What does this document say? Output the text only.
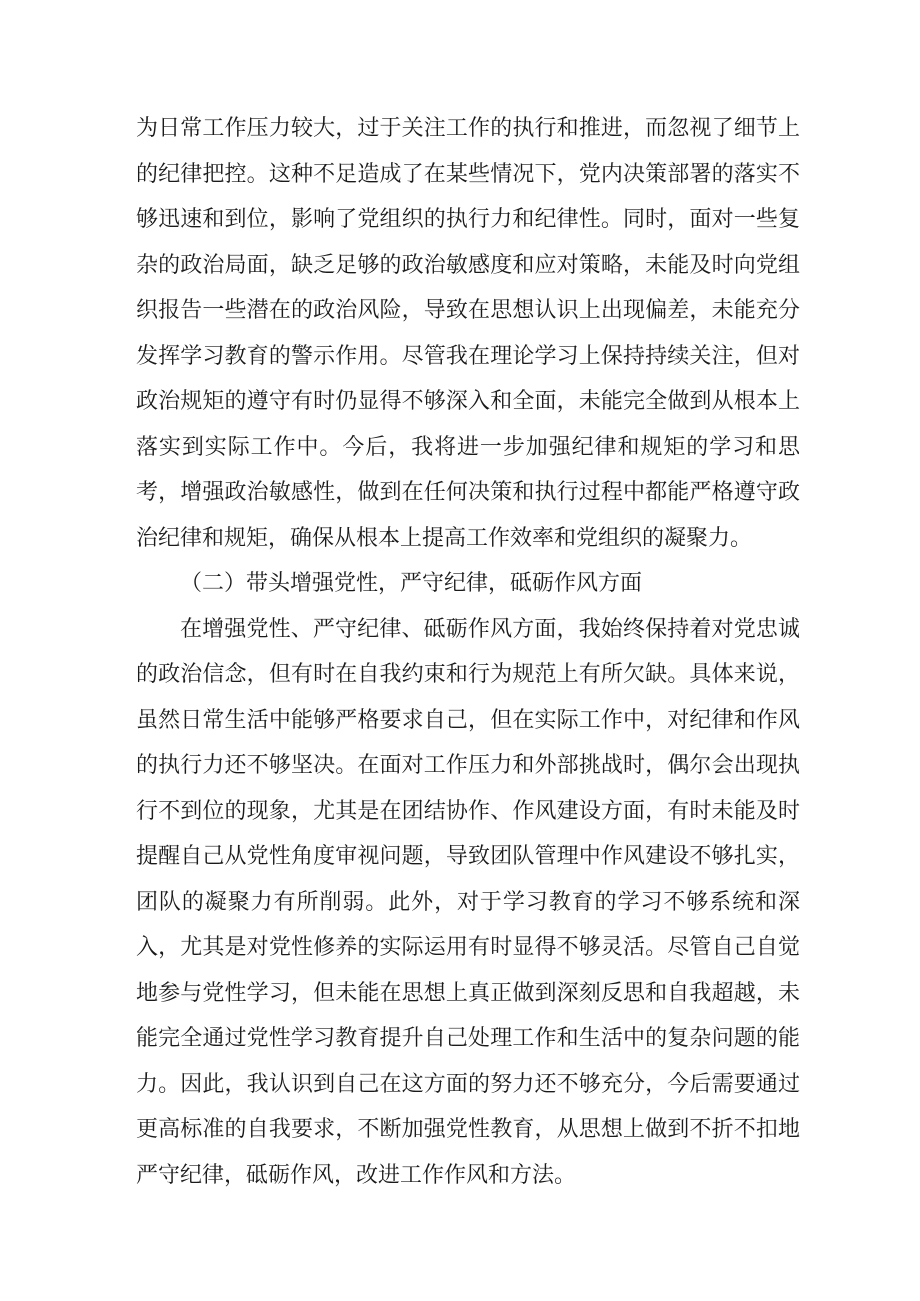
为日常工作压力较大，过于关注工作的执行和推进，而忽视了细节上的纪律把控。这种不足造成了在某些情况下，党内决策部署的落实不够迅速和到位，影响了党组织的执行力和纪律性。同时，面对一些复杂的政治局面，缺乏足够的政治敏感度和应对策略，未能及时向党组织报告一些潜在的政治风险，导致在思想认识上出现偏差，未能充分发挥学习教育的警示作用。尽管我在理论学习上保持持续关注，但对政治规矩的遵守有时仍显得不够深入和全面，未能完全做到从根本上落实到实际工作中。今后，我将进一步加强纪律和规矩的学习和思考，增强政治敏感性，做到在任何决策和执行过程中都能严格遵守政治纪律和规矩，确保从根本上提高工作效率和党组织的凝聚力。

（二）带头增强党性，严守纪律，砥砺作风方面

在增强党性、严守纪律、砥砺作风方面，我始终保持着对党忠诚的政治信念，但有时在自我约束和行为规范上有所欠缺。具体来说，虽然日常生活中能够严格要求自己，但在实际工作中，对纪律和作风的执行力还不够坚决。在面对工作压力和外部挑战时，偶尔会出现执行不到位的现象，尤其是在团结协作、作风建设方面，有时未能及时提醒自己从党性角度审视问题，导致团队管理中作风建设不够扎实，团队的凝聚力有所削弱。此外，对于学习教育的学习不够系统和深入，尤其是对党性修养的实际运用有时显得不够灵活。尽管自己自觉地参与党性学习，但未能在思想上真正做到深刻反思和自我超越，未能完全通过党性学习教育提升自己处理工作和生活中的复杂问题的能力。因此，我认识到自己在这方面的努力还不够充分，今后需要通过更高标准的自我要求，不断加强党性教育，从思想上做到不折不扣地严守纪律，砥砺作风，改进工作作风和方法。
